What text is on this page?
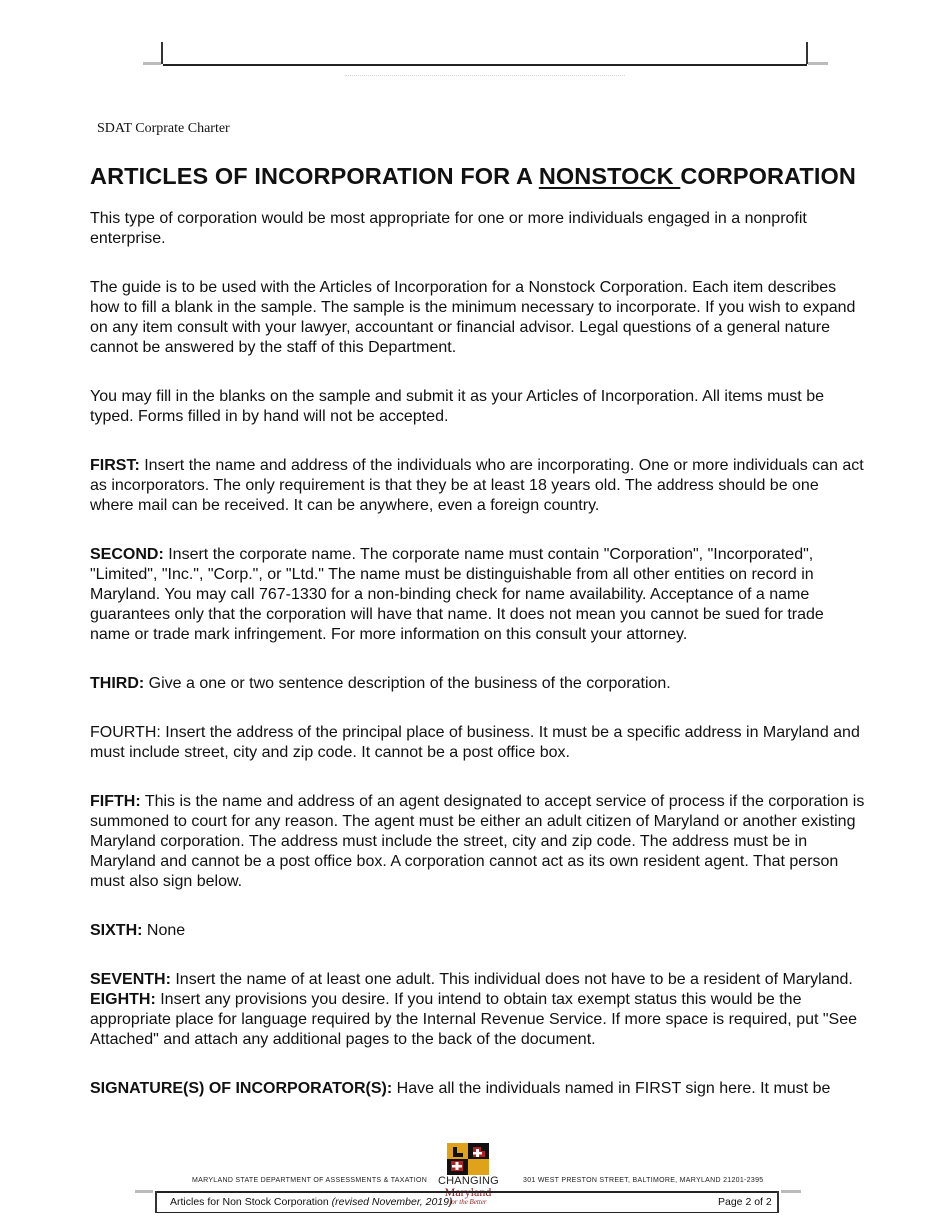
SDAT Corprate Charter
ARTICLES OF INCORPORATION FOR A NONSTOCK CORPORATION

This type of corporation would be most appropriate for one or more individuals engaged in a nonprofit enterprise.

The guide is to be used with the Articles of Incorporation for a Nonstock Corporation. Each item describes how to fill a blank in the sample. The sample is the minimum necessary to incorporate. If you wish to expand on any item consult with your lawyer, accountant or financial advisor. Legal questions of a general nature cannot be answered by the staff of this Department.

You may fill in the blanks on the sample and submit it as your Articles of Incorporation. All items must be typed. Forms filled in by hand will not be accepted.

FIRST: Insert the name and address of the individuals who are incorporating. One or more individuals can act as incorporators. The only requirement is that they be at least 18 years old. The address should be one where mail can be received. It can be anywhere, even a foreign country.

SECOND: Insert the corporate name. The corporate name must contain "Corporation", "Incorporated", "Limited", "Inc.", "Corp.", or "Ltd." The name must be distinguishable from all other entities on record in Maryland. You may call 767-1330 for a non-binding check for name availability. Acceptance of a name guarantees only that the corporation will have that name. It does not mean you cannot be sued for trade name or trade mark infringement. For more information on this consult your attorney.

THIRD: Give a one or two sentence description of the business of the corporation.

FOURTH: Insert the address of the principal place of business. It must be a specific address in Maryland and must include street, city and zip code. It cannot be a post office box.

FIFTH: This is the name and address of an agent designated to accept service of process if the corporation is summoned to court for any reason. The agent must be either an adult citizen of Maryland or another existing Maryland corporation. The address must include the street, city and zip code. The address must be in Maryland and cannot be a post office box. A corporation cannot act as its own resident agent. That person must also sign below.

SIXTH: None

SEVENTH: Insert the name of at least one adult. This individual does not have to be a resident of Maryland.

EIGHTH: Insert any provisions you desire. If you intend to obtain tax exempt status this would be the appropriate place for language required by the Internal Revenue Service. If more space is required, put "See Attached" and attach any additional pages to the back of the document.

SIGNATURE(S) OF INCORPORATOR(S): Have all the individuals named in FIRST sign here. It must be

MARYLAND STATE DEPARTMENT OF ASSESSMENTS & TAXATION CHANGING
Maryland
for the Better
301 WEST PRESTON STREET, BALTIMORE, MARYLAND 21201-2395
Articles for Non Stock Corporation (revised November, 2019)	Page 2 of 2
